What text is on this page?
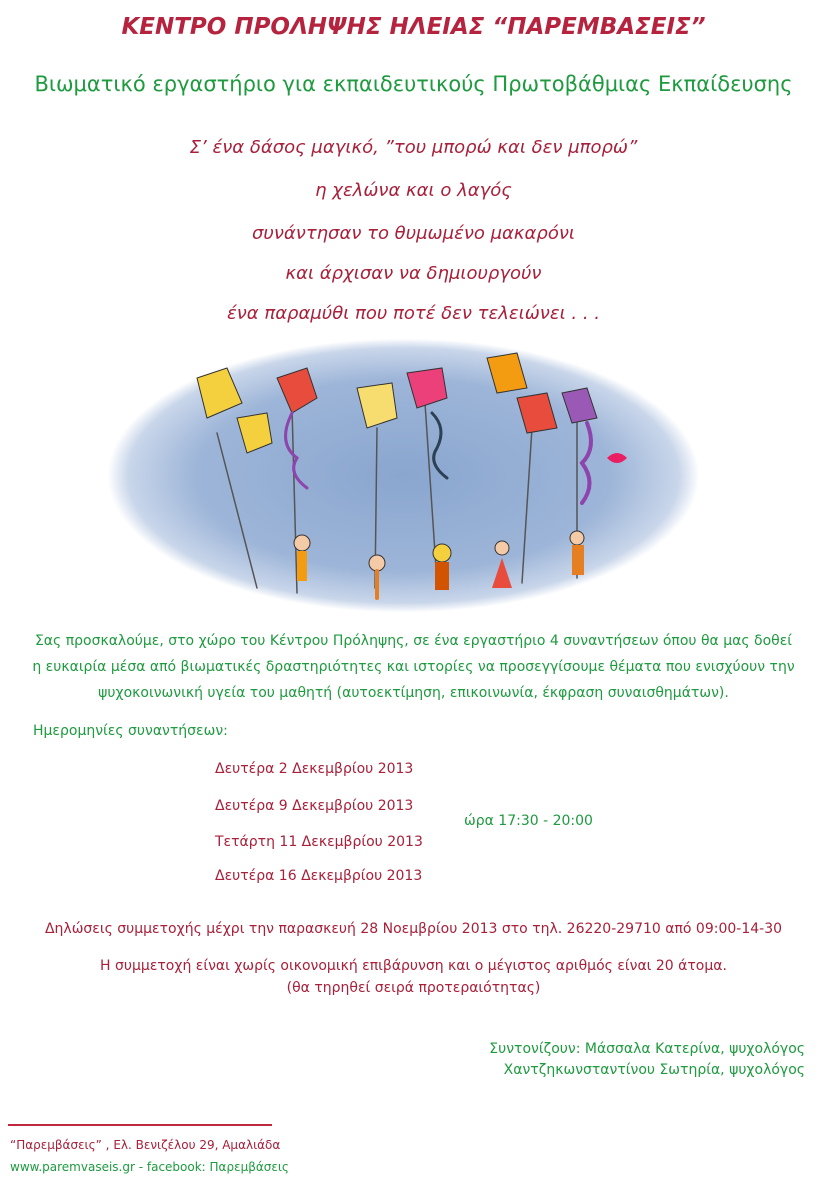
ΚΕΝΤΡΟ ΠΡΟΛΗΨΗΣ ΗΛΕΙΑΣ “ΠΑΡΕΜΒΑΣΕΙΣ”
Βιωματικό εργαστήριο για εκπαιδευτικούς Πρωτοβάθμιας Εκπαίδευσης
Σ’ ένα δάσος μαγικό, ”του μπορώ και δεν μπορώ”
η χελώνα και ο λαγός
συνάντησαν το θυμωμένο μακαρόνι
και άρχισαν να δημιουργούν
ένα παραμύθι που ποτέ δεν τελειώνει . . .
Σας προσκαλούμε, στο χώρο του Κέντρου Πρόληψης, σε ένα εργαστήριο 4 συναντήσεων όπου θα μας δοθεί
η ευκαιρία μέσα από βιωματικές δραστηριότητες και ιστορίες να προσεγγίσουμε θέματα που ενισχύουν την
ψυχοκοινωνική υγεία του μαθητή (αυτοεκτίμηση, επικοινωνία, έκφραση συναισθημάτων).
Ημερομηνίες συναντήσεων:
Δευτέρα 2 Δεκεμβρίου 2013
Δευτέρα 9 Δεκεμβρίου 2013
Τετάρτη 11 Δεκεμβρίου 2013
Δευτέρα 16 Δεκεμβρίου 2013
ώρα 17:30 - 20:00
Δηλώσεις συμμετοχής μέχρι την παρασκευή 28 Νοεμβρίου 2013 στο τηλ. 26220-29710 από 09:00-14-30
Η συμμετοχή είναι χωρίς οικονομική επιβάρυνση και ο μέγιστος αριθμός είναι 20 άτομα.
(θα τηρηθεί σειρά προτεραιότητας)
Συντονίζουν: Μάσσαλα Κατερίνα, ψυχολόγος
Χαντζηκωνσταντίνου Σωτηρία, ψυχολόγος
“Παρεμβάσεις” , Ελ. Βενιζέλου 29, Αμαλιάδα
www.paremvaseis.gr - facebook: Παρεμβάσεις
